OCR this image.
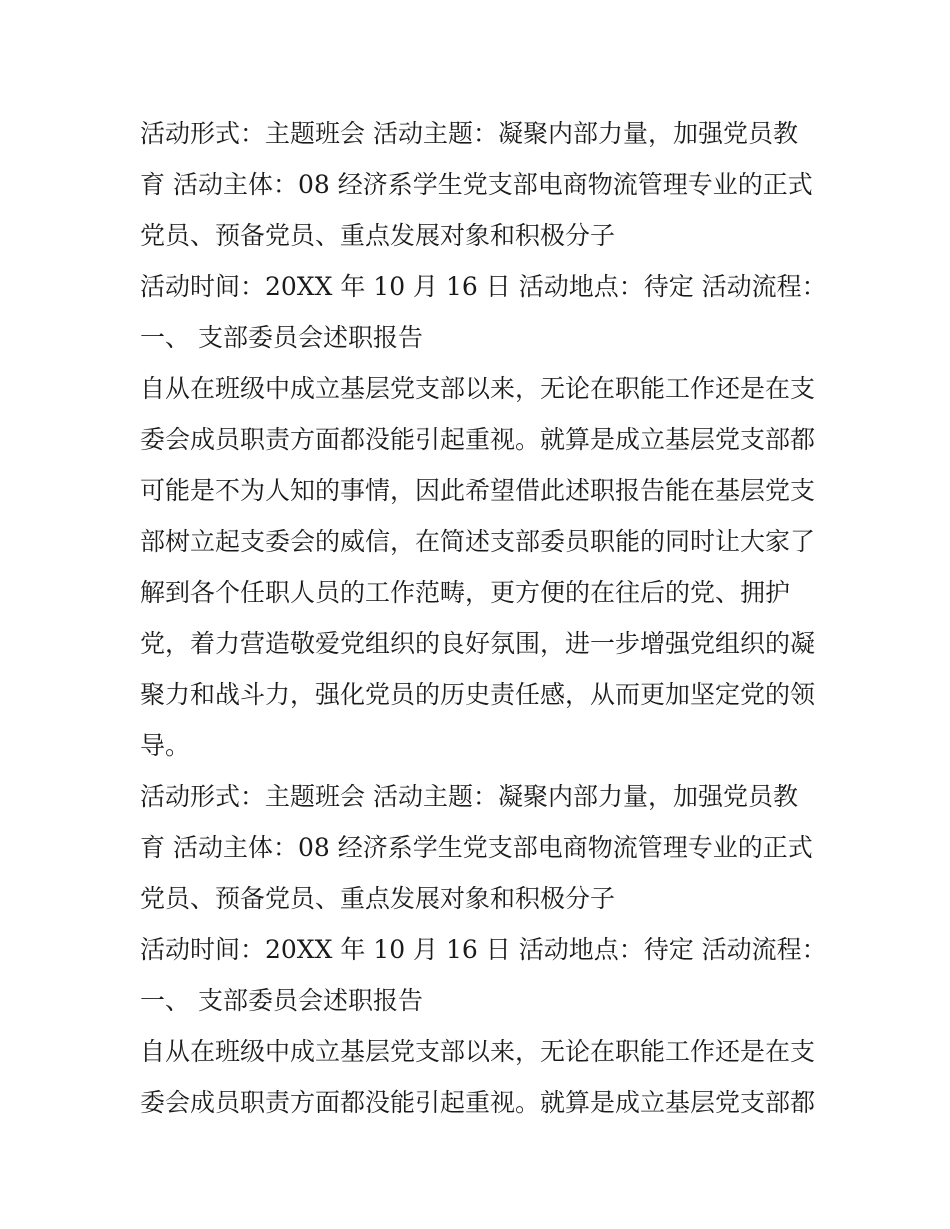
活动形式：主题班会 活动主题：凝聚内部力量，加强党员教
育 活动主体：08 经济系学生党支部电商物流管理专业的正式
党员、预备党员、重点发展对象和积极分子
活动时间：20XX 年 10 月 16 日 活动地点：待定 活动流程：
一、 支部委员会述职报告
自从在班级中成立基层党支部以来，无论在职能工作还是在支
委会成员职责方面都没能引起重视。就算是成立基层党支部都
可能是不为人知的事情，因此希望借此述职报告能在基层党支
部树立起支委会的威信，在简述支部委员职能的同时让大家了
解到各个任职人员的工作范畴，更方便的在往后的党、拥护
党，着力营造敬爱党组织的良好氛围，进一步增强党组织的凝
聚力和战斗力，强化党员的历史责任感，从而更加坚定党的领
导。
活动形式：主题班会 活动主题：凝聚内部力量，加强党员教
育 活动主体：08 经济系学生党支部电商物流管理专业的正式
党员、预备党员、重点发展对象和积极分子
活动时间：20XX 年 10 月 16 日 活动地点：待定 活动流程：
一、 支部委员会述职报告
自从在班级中成立基层党支部以来，无论在职能工作还是在支
委会成员职责方面都没能引起重视。就算是成立基层党支部都
